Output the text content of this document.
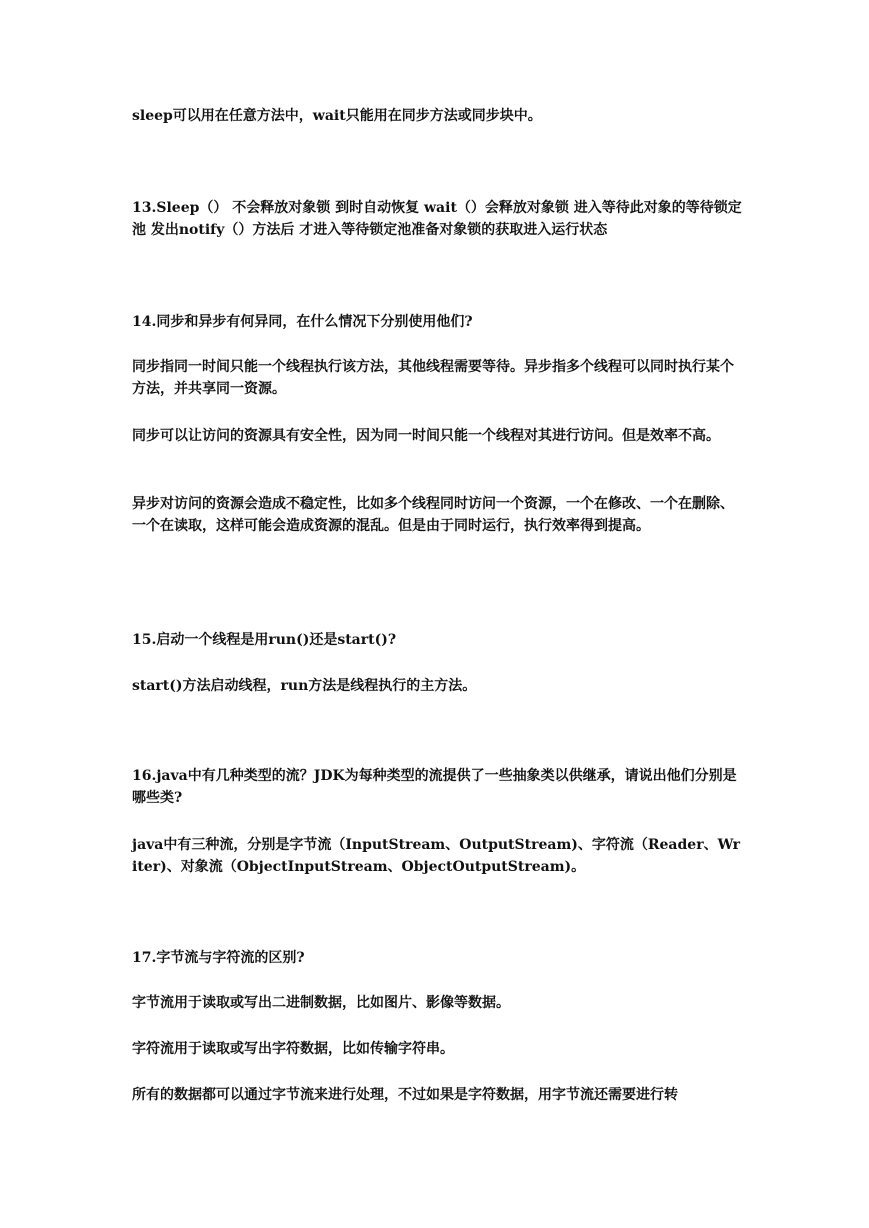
sleep可以用在任意方法中，wait只能用在同步方法或同步块中。

13.Sleep（） 不会释放对象锁 到时自动恢复 wait（）会释放对象锁 进入等待此对象的等待锁定池 发出notify（）方法后 才进入等待锁定池准备对象锁的获取进入运行状态

14.同步和异步有何异同，在什么情况下分别使用他们?

同步指同一时间只能一个线程执行该方法，其他线程需要等待。异步指多个线程可以同时执行某个方法，并共享同一资源。

同步可以让访问的资源具有安全性，因为同一时间只能一个线程对其进行访问。但是效率不高。

异步对访问的资源会造成不稳定性，比如多个线程同时访问一个资源，一个在修改、一个在删除、一个在读取，这样可能会造成资源的混乱。但是由于同时运行，执行效率得到提高。

15.启动一个线程是用run()还是start()?

start()方法启动线程，run方法是线程执行的主方法。

16.java中有几种类型的流？JDK为每种类型的流提供了一些抽象类以供继承，请说出他们分别是哪些类?

java中有三种流，分别是字节流（InputStream、OutputStream)、字符流（Reader、Writer)、对象流（ObjectInputStream、ObjectOutputStream)。

17.字节流与字符流的区别?

字节流用于读取或写出二进制数据，比如图片、影像等数据。

字符流用于读取或写出字符数据，比如传输字符串。

所有的数据都可以通过字节流来进行处理，不过如果是字符数据，用字节流还需要进行转
